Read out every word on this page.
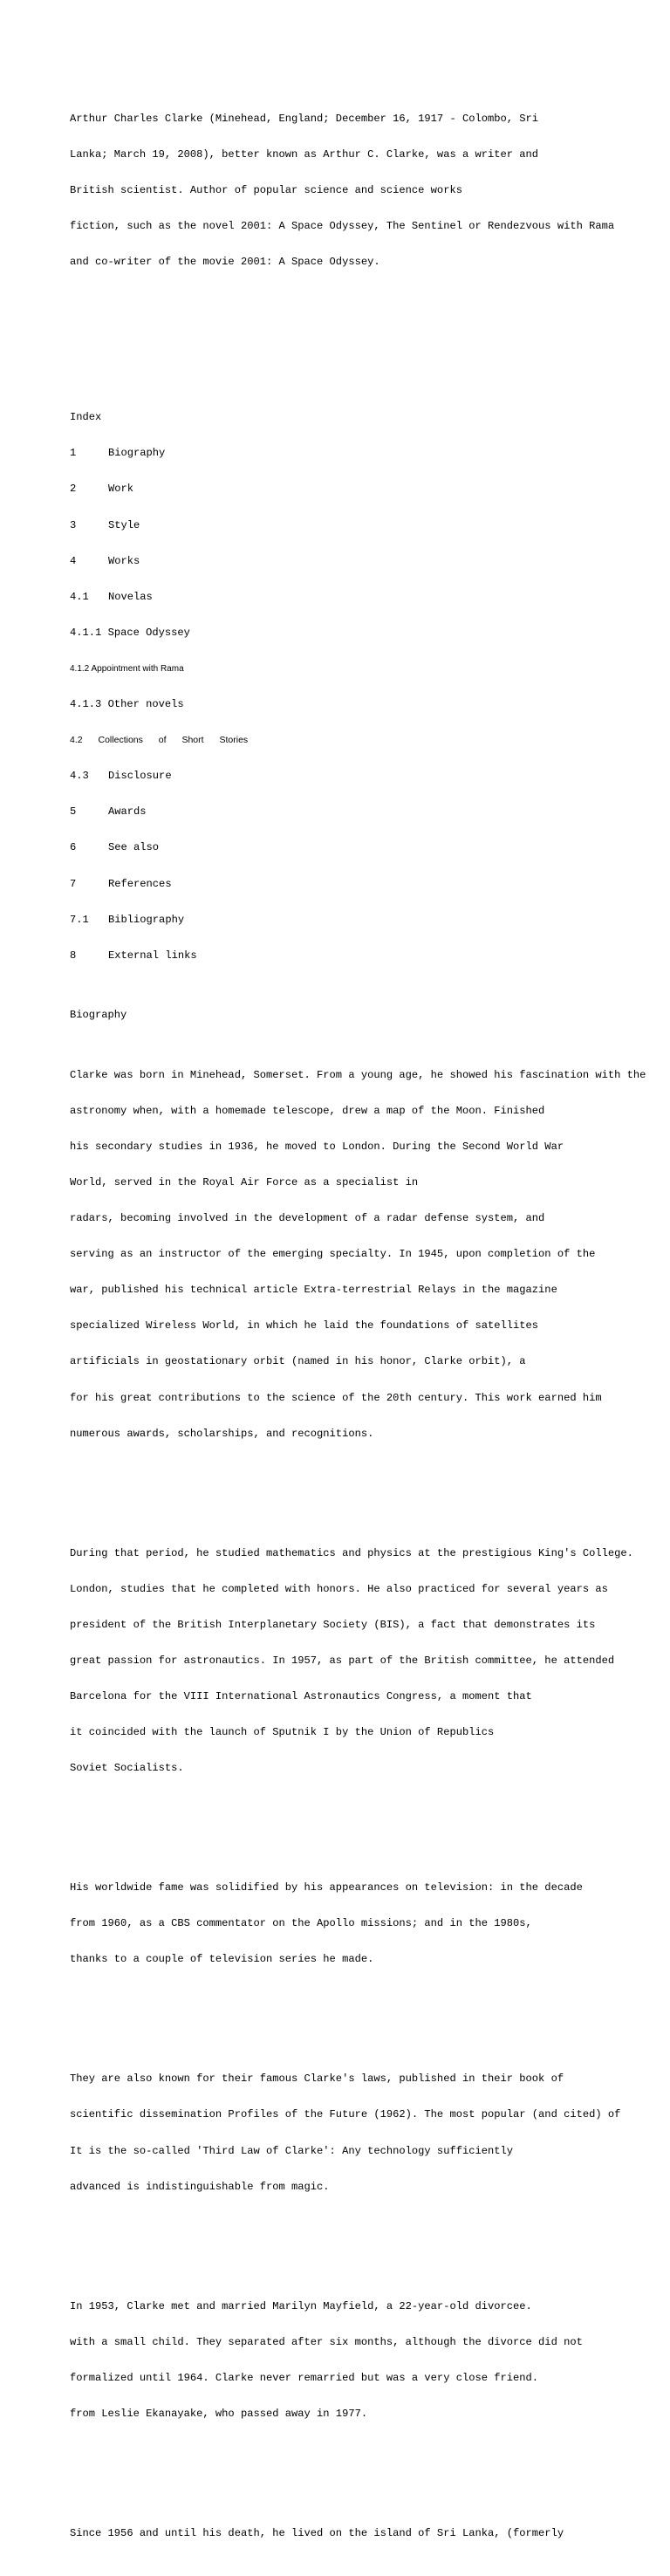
Arthur Charles Clarke (Minehead, England; December 16, 1917 - Colombo, Sri

Lanka; March 19, 2008), better known as Arthur C. Clarke, was a writer and

British scientist. Author of popular science and science works

fiction, such as the novel 2001: A Space Odyssey, The Sentinel or Rendezvous with Rama

and co-writer of the movie 2001: A Space Odyssey.

Index

1	Biography

2	Work

3	Style

4	Works

4.1 Novelas

4.1.1 Space Odyssey

4.1.2 Appointment with Rama

4.1.3 Other novels

4.2 Collections of Short Stories

4.3 Disclosure

5	Awards

6	See also

7	References

7.1 Bibliography

8	External links

Biography

Clarke was born in Minehead, Somerset. From a young age, he showed his fascination with the

astronomy when, with a homemade telescope, drew a map of the Moon. Finished

his secondary studies in 1936, he moved to London. During the Second World War

World, served in the Royal Air Force as a specialist in

radars, becoming involved in the development of a radar defense system, and

serving as an instructor of the emerging specialty. In 1945, upon completion of the

war, published his technical article Extra-terrestrial Relays in the magazine

specialized Wireless World, in which he laid the foundations of satellites

artificials in geostationary orbit (named in his honor, Clarke orbit), a

for his great contributions to the science of the 20th century. This work earned him

numerous awards, scholarships, and recognitions.

During that period, he studied mathematics and physics at the prestigious King's College.

London, studies that he completed with honors. He also practiced for several years as

president of the British Interplanetary Society (BIS), a fact that demonstrates its

great passion for astronautics. In 1957, as part of the British committee, he attended

Barcelona for the VIII International Astronautics Congress, a moment that

it coincided with the launch of Sputnik I by the Union of Republics

Soviet Socialists.

His worldwide fame was solidified by his appearances on television: in the decade

from 1960, as a CBS commentator on the Apollo missions; and in the 1980s,

thanks to a couple of television series he made.

They are also known for their famous Clarke's laws, published in their book of

scientific dissemination Profiles of the Future (1962). The most popular (and cited) of

It is the so-called 'Third Law of Clarke': Any technology sufficiently

advanced is indistinguishable from magic.

In 1953, Clarke met and married Marilyn Mayfield, a 22-year-old divorcee.

with a small child. They separated after six months, although the divorce did not

formalized until 1964. Clarke never remarried but was a very close friend.

from Leslie Ekanayake, who passed away in 1977.

Since 1956 and until his death, he lived on the island of Sri Lanka, (formerly
